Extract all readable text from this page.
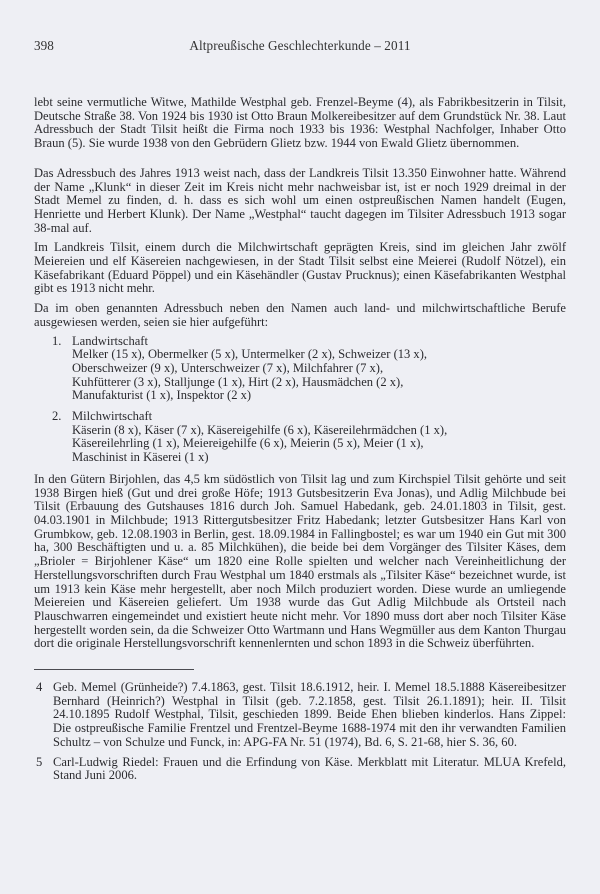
398	Altpreußische Geschlechterkunde – 2011

lebt seine vermutliche Witwe, Mathilde Westphal geb. Frenzel-Beyme (4), als Fabrikbesitzerin in Tilsit, Deutsche Straße 38. Von 1924 bis 1930 ist Otto Braun Molkereibesitzer auf dem Grundstück Nr. 38. Laut Adressbuch der Stadt Tilsit heißt die Firma noch 1933 bis 1936: Westphal Nachfolger, Inhaber Otto Braun (5). Sie wurde 1938 von den Gebrüdern Glietz bzw. 1944 von Ewald Glietz übernommen.

Das Adressbuch des Jahres 1913 weist nach, dass der Landkreis Tilsit 13.350 Einwohner hatte. Während der Name „Klunk“ in dieser Zeit im Kreis nicht mehr nachweisbar ist, ist er noch 1929 dreimal in der Stadt Memel zu finden, d. h. dass es sich wohl um einen ostpreußischen Namen handelt (Eugen, Henriette und Herbert Klunk). Der Name „Westphal“ taucht dagegen im Tilsiter Adressbuch 1913 sogar 38-mal auf.

Im Landkreis Tilsit, einem durch die Milchwirtschaft geprägten Kreis, sind im gleichen Jahr zwölf Meiereien und elf Käsereien nachgewiesen, in der Stadt Tilsit selbst eine Meierei (Rudolf Nötzel), ein Käsefabrikant (Eduard Pöppel) und ein Käsehändler (Gustav Prucknus); einen Käsefabrikanten Westphal gibt es 1913 nicht mehr.

Da im oben genannten Adressbuch neben den Namen auch land- und milchwirtschaftliche Berufe ausgewiesen werden, seien sie hier aufgeführt:

1. Landwirtschaft
Melker (15 x), Obermelker (5 x), Untermelker (2 x), Schweizer (13 x),
Oberschweizer (9 x), Unterschweizer (7 x), Milchfahrer (7 x),
Kuhfütterer (3 x), Stalljunge (1 x), Hirt (2 x), Hausmädchen (2 x),
Manufakturist (1 x), Inspektor (2 x)
2. Milchwirtschaft
Käserin (8 x), Käser (7 x), Käsereigehilfe (6 x), Käsereilehrmädchen (1 x),
Käsereilehrling (1 x), Meiereigehilfe (6 x), Meierin (5 x), Meier (1 x),
Maschinist in Käserei (1 x)

In den Gütern Birjohlen, das 4,5 km südöstlich von Tilsit lag und zum Kirchspiel Tilsit gehörte und seit 1938 Birgen hieß (Gut und drei große Höfe; 1913 Gutsbesitzerin Eva Jonas), und Adlig Milchbude bei Tilsit (Erbauung des Gutshauses 1816 durch Joh. Samuel Habedank, geb. 24.01.1803 in Tilsit, gest. 04.03.1901 in Milchbude; 1913 Rittergutsbesitzer Fritz Habedank; letzter Gutsbesitzer Hans Karl von Grumbkow, geb. 12.08.1903 in Berlin, gest. 18.09.1984 in Fallingbostel; es war um 1940 ein Gut mit 300 ha, 300 Beschäftigten und u. a. 85 Milchkühen), die beide bei dem Vorgänger des Tilsiter Käses, dem „Brioler = Birjohlener Käse“ um 1820 eine Rolle spielten und welcher nach Vereinheitlichung der Herstellungsvorschriften durch Frau Westphal um 1840 erstmals als „Tilsiter Käse“ bezeichnet wurde, ist um 1913 kein Käse mehr hergestellt, aber noch Milch produziert worden. Diese wurde an umliegende Meiereien und Käsereien geliefert. Um 1938 wurde das Gut Adlig Milchbude als Ortsteil nach Plauschwarren eingemeindet und existiert heute nicht mehr. Vor 1890 muss dort aber noch Tilsiter Käse hergestellt worden sein, da die Schweizer Otto Wartmann und Hans Wegmüller aus dem Kanton Thurgau dort die originale Herstellungsvorschrift kennenlernten und schon 1893 in die Schweiz überführten.

4 Geb. Memel (Grünheide?) 7.4.1863, gest. Tilsit 18.6.1912, heir. I. Memel 18.5.1888 Käsereibesitzer Bernhard (Heinrich?) Westphal in Tilsit (geb. 7.2.1858, gest. Tilsit 26.1.1891); heir. II. Tilsit 24.10.1895 Rudolf Westphal, Tilsit, geschieden 1899. Beide Ehen blieben kinderlos. Hans Zippel: Die ostpreußische Familie Frentzel und Frentzel-Beyme 1688-1974 mit den ihr verwandten Familien Schultz – von Schulze und Funck, in: APG-FA Nr. 51 (1974), Bd. 6, S. 21-68, hier S. 36, 60.
5 Carl-Ludwig Riedel: Frauen und die Erfindung von Käse. Merkblatt mit Literatur. MLUA Krefeld, Stand Juni 2006.
